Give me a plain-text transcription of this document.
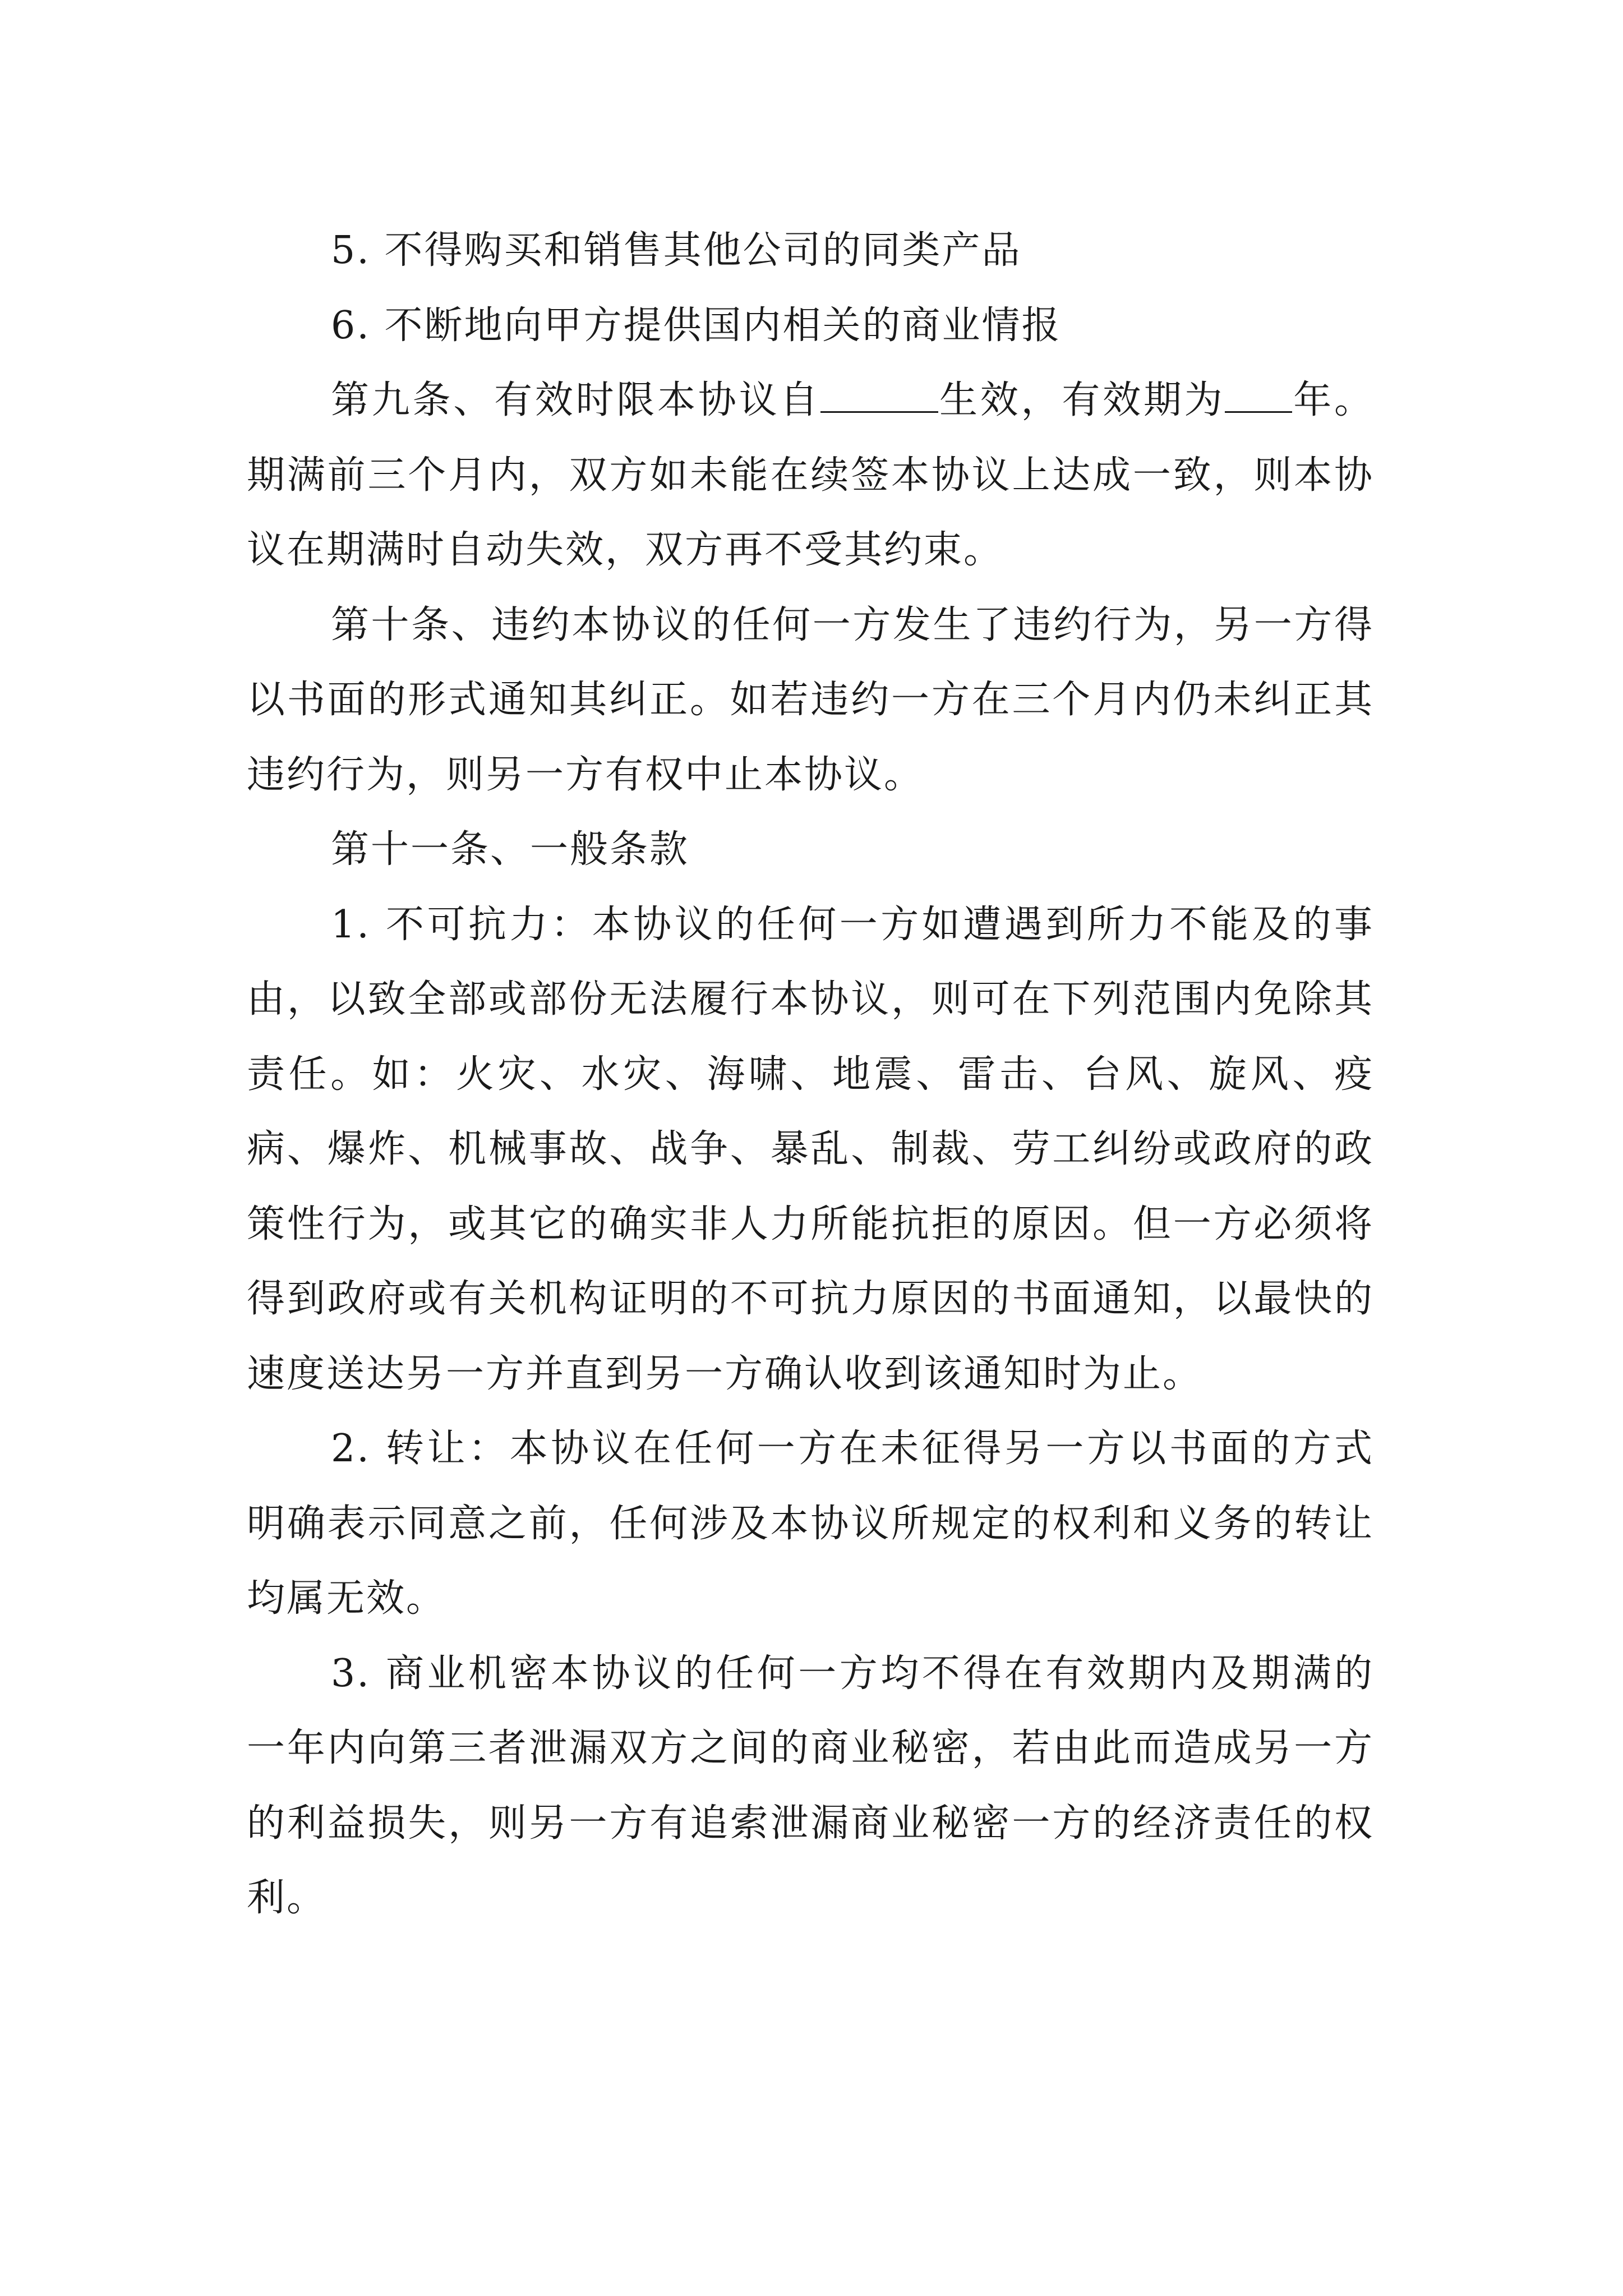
5. 不得购买和销售其他公司的同类产品

6. 不断地向甲方提供国内相关的商业情报

第九条、有效时限本协议自	生效，有效期为 年。期满前三个月内，双方如未能在续签本协议上达成一致，则本协议在期满时自动失效，双方再不受其约束。

第十条、违约本协议的任何一方发生了违约行为，另一方得以书面的形式通知其纠正。如若违约一方在三个月内仍未纠正其违约行为，则另一方有权中止本协议。

第十一条、一般条款

1. 不可抗力：本协议的任何一方如遭遇到所力不能及的事由，以致全部或部份无法履行本协议，则可在下列范围内免除其责任。如：火灾、水灾、海啸、地震、雷击、台风、旋风、疫病、爆炸、机械事故、战争、暴乱、制裁、劳工纠纷或政府的政策性行为，或其它的确实非人力所能抗拒的原因。但一方必须将得到政府或有关机构证明的不可抗力原因的书面通知，以最快的速度送达另一方并直到另一方确认收到该通知时为止。

2. 转让：本协议在任何一方在未征得另一方以书面的方式明确表示同意之前，任何涉及本协议所规定的权利和义务的转让均属无效。

3. 商业机密本协议的任何一方均不得在有效期内及期满的一年内向第三者泄漏双方之间的商业秘密，若由此而造成另一方的利益损失，则另一方有追索泄漏商业秘密一方的经济责任的权利。
